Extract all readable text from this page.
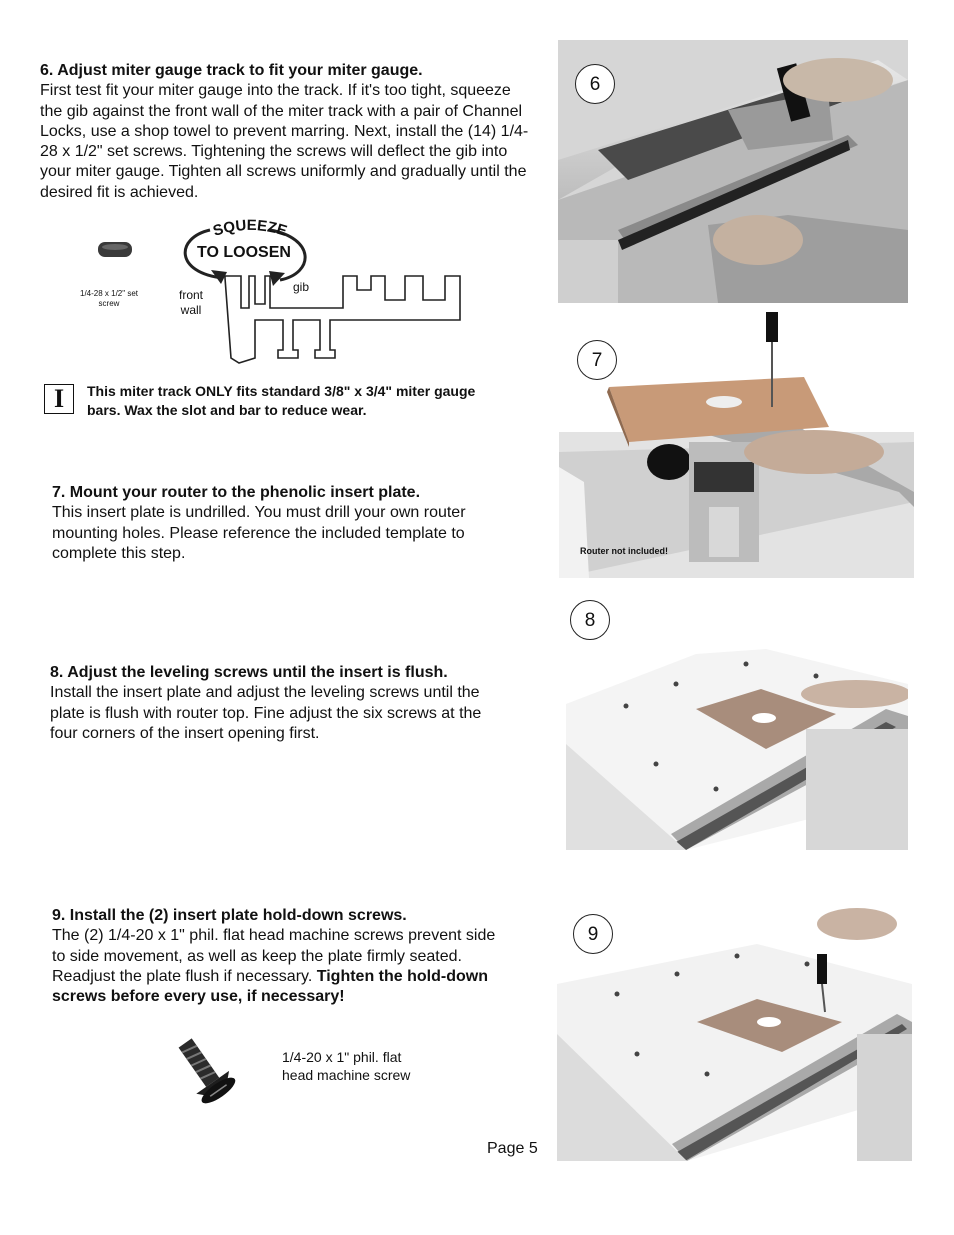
6. Adjust miter gauge track to fit your miter gauge.
First test fit your miter gauge into the track. If it's too tight, squeeze the gib against the front wall of the miter track with a pair of Channel Locks, use a shop towel to prevent marring. Next, install the (14) 1/4-28 x 1/2" set screws. Tightening the screws will deflect the gib into your miter gauge. Tighten all screws uniformly and gradually until the desired fit is achieved.
6
1/4-28 x 1/2" set screw
SQUEEZE
TO LOOSEN
gib
front wall
I	This miter track ONLY fits standard 3/8" x 3/4" miter gauge bars. Wax the slot and bar to reduce wear.
7. Mount your router to the phenolic insert plate.
This insert plate is undrilled. You must drill your own router mounting holes. Please reference the included template to complete this step.	Router not included!
7
8. Adjust the leveling screws until the insert is flush.
Install the insert plate and adjust the leveling screws until the plate is flush with router top. Fine adjust the six screws at the four corners of the insert opening first.
8
9. Install the (2) insert plate hold-down screws.
The (2) 1/4-20 x 1" phil. flat head machine screws prevent side to side movement, as well as keep the plate firmly seated. Readjust the plate flush if necessary. Tighten the hold-down screws before every use, if necessary!
1/4-20 x 1" phil. flat head machine screw
9
Page 5
